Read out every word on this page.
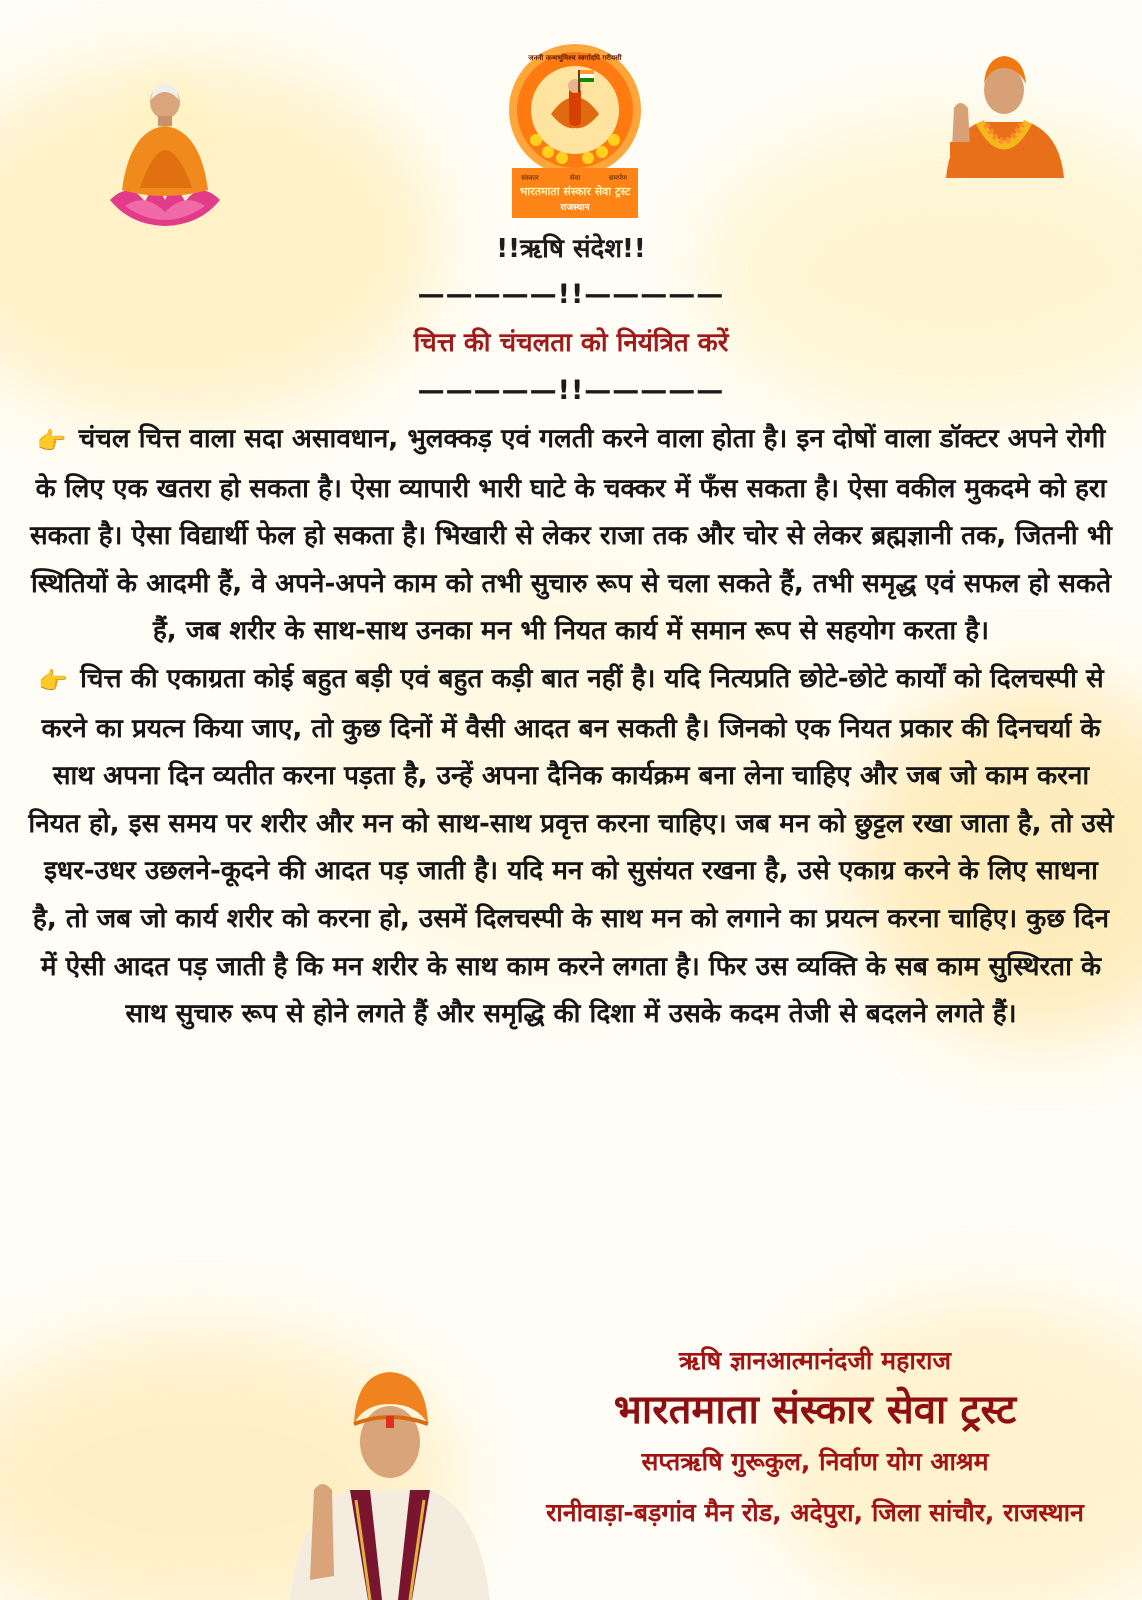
जननी जन्मभूमिश्च स्वर्गादपि गरीयसी
संस्कार	सेवा	समर्पण
भारतमाता संस्कार सेवा ट्रस्ट
राजस्थान
!!ऋषि संदेश!!
—————!!—————
चित्त की चंचलता को नियंत्रित करें
—————!!—————

👉 चंचल चित्त वाला सदा असावधान, भुलक्कड़ एवं गलती करने वाला होता है। इन दोषों वाला डॉक्टर अपने रोगी के लिए एक खतरा हो सकता है। ऐसा व्यापारी भारी घाटे के चक्कर में फँस सकता है। ऐसा वकील मुकदमे को हरा सकता है। ऐसा विद्यार्थी फेल हो सकता है। भिखारी से लेकर राजा तक और चोर से लेकर ब्रह्मज्ञानी तक, जितनी भी स्थितियों के आदमी हैं, वे अपने-अपने काम को तभी सुचारु रूप से चला सकते हैं, तभी समृद्ध एवं सफल हो सकते हैं, जब शरीर के साथ-साथ उनका मन भी नियत कार्य में समान रूप से सहयोग करता है।

👉 चित्त की एकाग्रता कोई बहुत बड़ी एवं बहुत कड़ी बात नहीं है। यदि नित्यप्रति छोटे-छोटे कार्यों को दिलचस्पी से करने का प्रयत्न किया जाए, तो कुछ दिनों में वैसी आदत बन सकती है। जिनको एक नियत प्रकार की दिनचर्या के साथ अपना दिन व्यतीत करना पड़ता है, उन्हें अपना दैनिक कार्यक्रम बना लेना चाहिए और जब जो काम करना नियत हो, इस समय पर शरीर और मन को साथ-साथ प्रवृत्त करना चाहिए। जब मन को छुट्टल रखा जाता है, तो उसे इधर-उधर उछलने-कूदने की आदत पड़ जाती है। यदि मन को सुसंयत रखना है, उसे एकाग्र करने के लिए साधना है, तो जब जो कार्य शरीर को करना हो, उसमें दिलचस्पी के साथ मन को लगाने का प्रयत्न करना चाहिए। कुछ दिन में ऐसी आदत पड़ जाती है कि मन शरीर के साथ काम करने लगता है। फिर उस व्यक्ति के सब काम सुस्थिरता के साथ सुचारु रूप से होने लगते हैं और समृद्धि की दिशा में उसके कदम तेजी से बदलने लगते हैं।

ऋषि ज्ञानआत्मानंदजी महाराज
भारतमाता संस्कार सेवा ट्रस्ट
सप्तऋषि गुरूकुल, निर्वाण योग आश्रम
रानीवाड़ा-बड़गांव मैन रोड, अदेपुरा, जिला सांचौर, राजस्थान
